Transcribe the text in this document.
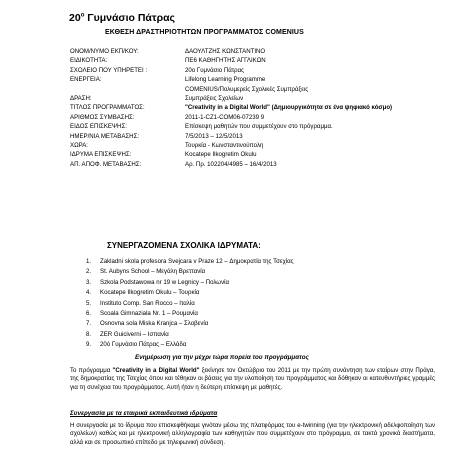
$20^o$ Γυμνάσιο Πάτρας
ΕΚΘΕΣΗ ΔΡΑΣΤΗΡΙΟΤΗΤΩΝ ΠΡΟΓΡΑΜΜΑΤΟΣ COMENIUS
ΟΝΟΜ/ΝΥΜΟ ΕΚΠ/ΚΟΥ:	ΔΑΟΥΛΤΖΗΣ ΚΩΝΣΤΑΝΤΙΝΟ
ΕΙΔΙΚΟΤΗΤΑ:	ΠΕ6 ΚΑΘΗΓΗΤΗΣ ΑΓΓΛΙΚΩΝ
ΣΧΟΛΕΙΟ ΠΟΥ ΥΠΗΡΕΤΕΙ :	20ο Γυμνάσιο Πάτρας
ΕΝΕΡΓΕΙΑ:	Lifelong Learning Programme
COMENIUS/Πολυμερείς Σχολικές Συμπράξεις
ΔΡΑΣΗ:	Συμπράξεις Σχολείων
ΤΙΤΛΟΣ ΠΡΟΓΡΑΜΜΑΤΟΣ:	"Creativity in a Digital World" (Δημιουργικότητα σε ένα ψηφιακό κόσμο)
ΑΡΙΘΜΟΣ ΣΥΜΒΑΣΗΣ:	2011-1-CZ1-COM06-07239 9
ΕΙΔΟΣ ΕΠΙΣΚΕΨΗΣ:	Επίσκεψη μαθητών που συμμετέχουν στο πρόγραμμα.
ΗΜΕΡ/ΝΙΑ ΜΕΤΑΒΑΣΗΣ:	7/5/2013 – 12/5/2013
ΧΩΡΑ:	Τουρκία - Κωνσταντινούπολη
ΙΔΡΥΜΑ ΕΠΙΣΚΕΨΗΣ:	Kocatepe Ilkogretim Okulu
ΑΠ. ΑΠΟΦ. ΜΕΤΑΒΑΣΗΣ:	Αρ. Πρ. 102204/4985 – 16/4/2013
ΣΥΝΕΡΓΑΖΟΜΕΝΑ ΣΧΟΛΙΚΑ ΙΔΡΥΜΑΤΑ:
1.	Zakladni skola profesora Svejcara v Praze 12 – Δημοκρατία της Τσεχίας
2.	St. Aubyns School – Μεγάλη Βρεττανία
3.	Szkola Podstawowa nr 19 w Legnicy – Πολωνία
4.	Kocatepe Ilkogretim Okulu – Τουρκία
5.	Instituto Comp. San Rocco – Ιταλία
6.	Scoala Gimnaziala Nr. 1 – Ρουμανία
7.	Osnovna sola Miska Kranjca – Σλοβενία
8.	ZER Guiciverni – Ισπανία
9.	20ό Γυμνάσιο Πάτρας – Ελλάδα
Ενημέρωση για την μέχρι τώρα πορεία του προγράμματος
Το πρόγραμμα "Creativity in a Digital World" ξεκίνησε τον Οκτώβριο του 2011 με την πρώτη συνάντηση των εταίρων στην Πράγα, της δημοκρατίας της Τσεχίας όπου και τέθηκαν οι βάσεις για την υλοποίηση του προγράμματος και δόθηκαν οι κατευθυντήριες γραμμές για τη συνέχεια του προγράμματος. Αυτή ήταν η δεύτερη επίσκεψη με μαθητές.
Συνεργασία με τα εταιρικά εκπαιδευτικά ιδρύματα
Η συνεργασία με το ίδρυμα που επισκεφθήκαμε γινόταν μέσω της πλατφόρμας του e-twinning (για την ηλεκτρονική αδελφοποίηση των σχολείων) καθώς και με ηλεκτρονική αλληλογραφία των καθηγητών που συμμετέχουν στο πρόγραμμα, σε τακτά χρονικά διαστήματα, αλλά και σε προσωπικό επίπεδο με τηλεφωνική σύνδεση.
